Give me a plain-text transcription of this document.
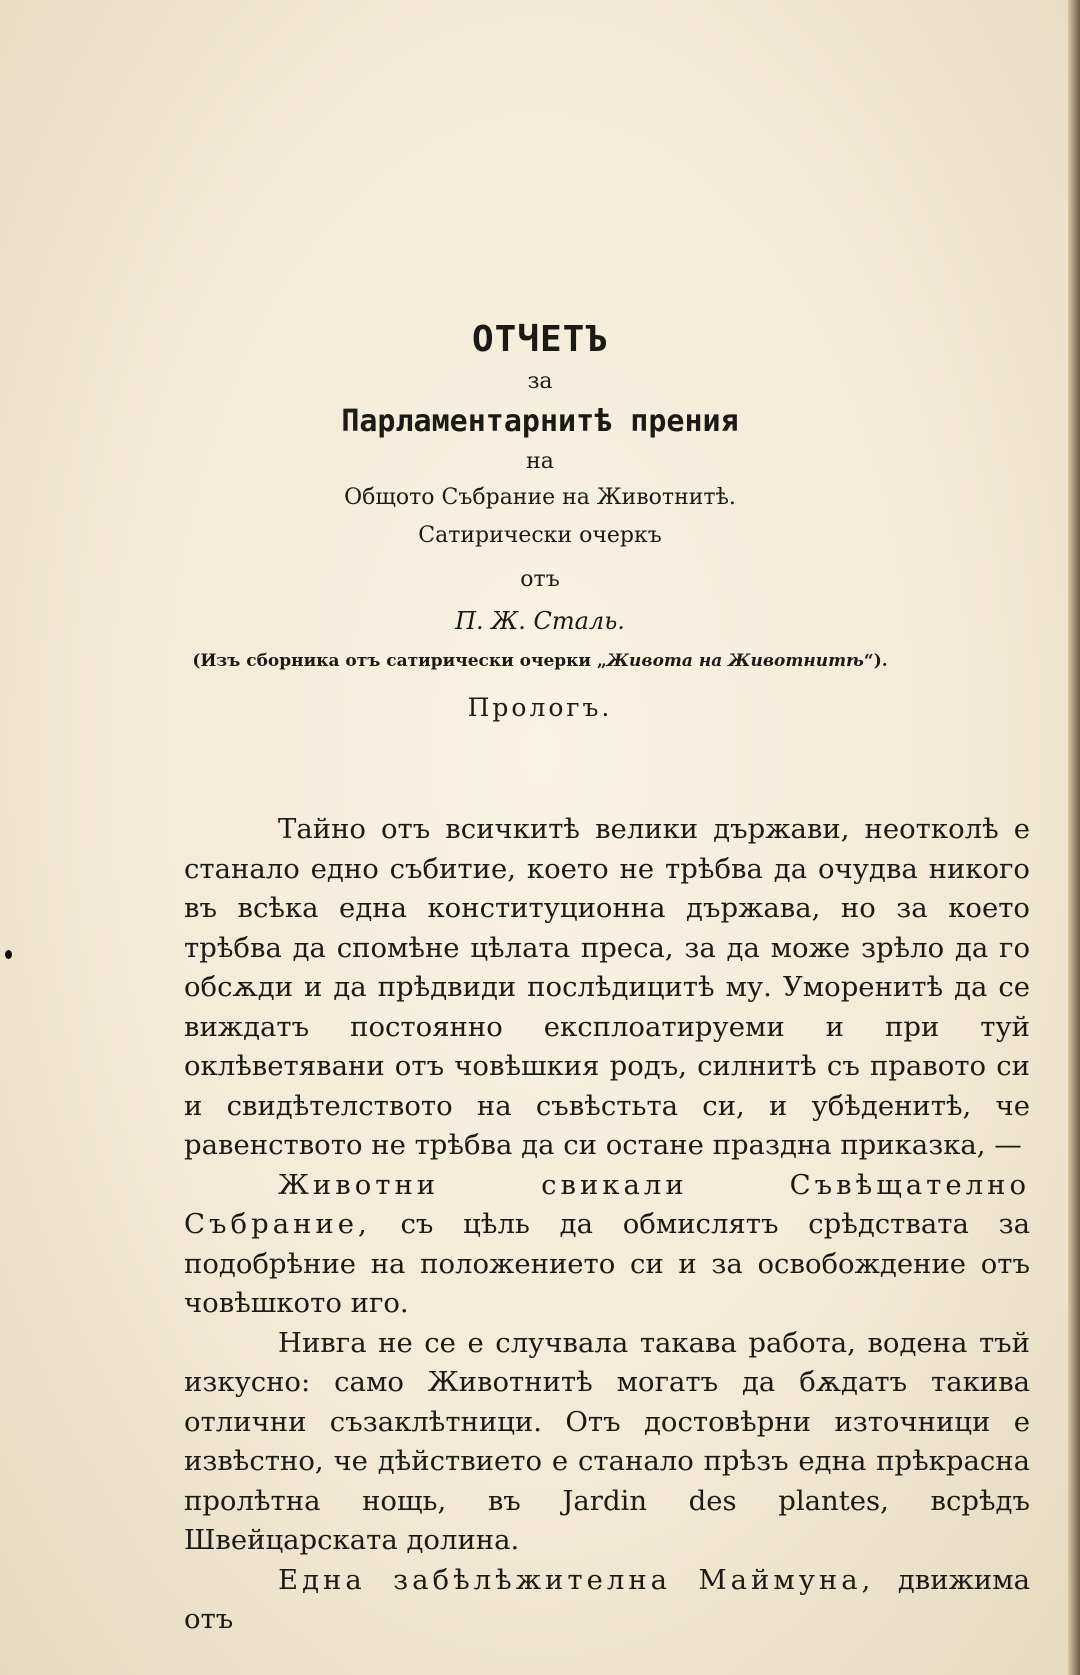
ОТЧЕТЪ

за

Парламентарнитѣ прения

на

Общото Събрание на Животнитѣ.

Сатирически очеркъ

отъ

П. Ж. Сталь.

(Изъ сборника отъ сатирически очерки „Живота на Животнитѣ“).

Прологъ.

Тайно отъ всичкитѣ велики държави, неотколѣ е станало едно събитие, което не трѣбва да очудва никого въ всѣка една конституционна държава, но за което трѣбва да спомѣне цѣлата преса, за да може зрѣло да го обсѫди и да прѣдвиди послѣдицитѣ му. Уморенитѣ да се виждатъ постоянно експлоатируеми и при туй оклѣветявани отъ човѣшкия родъ, силнитѣ съ правото си и свидѣтелството на съвѣстьта си, и убѣденитѣ, че равенството не трѣбва да си остане праздна приказка, —

Животни свикали Съвѣщателно Събрание, съ цѣль да обмислятъ срѣдствата за подобрѣние на положението си и за освобождение отъ човѣшкото иго.

Нивга не се е случвала такава работа, водена тъй изкусно: само Животнитѣ могатъ да бѫдатъ такива отлични съзаклѣтници. Отъ достовѣрни източници е извѣстно, че дѣйствието е станало прѣзъ една прѣкрасна пролѣтна нощь, въ Jardin des plantes, всрѣдъ Швейцарската долина.

Една забѣлѣжителна Маймуна, движима отъ
